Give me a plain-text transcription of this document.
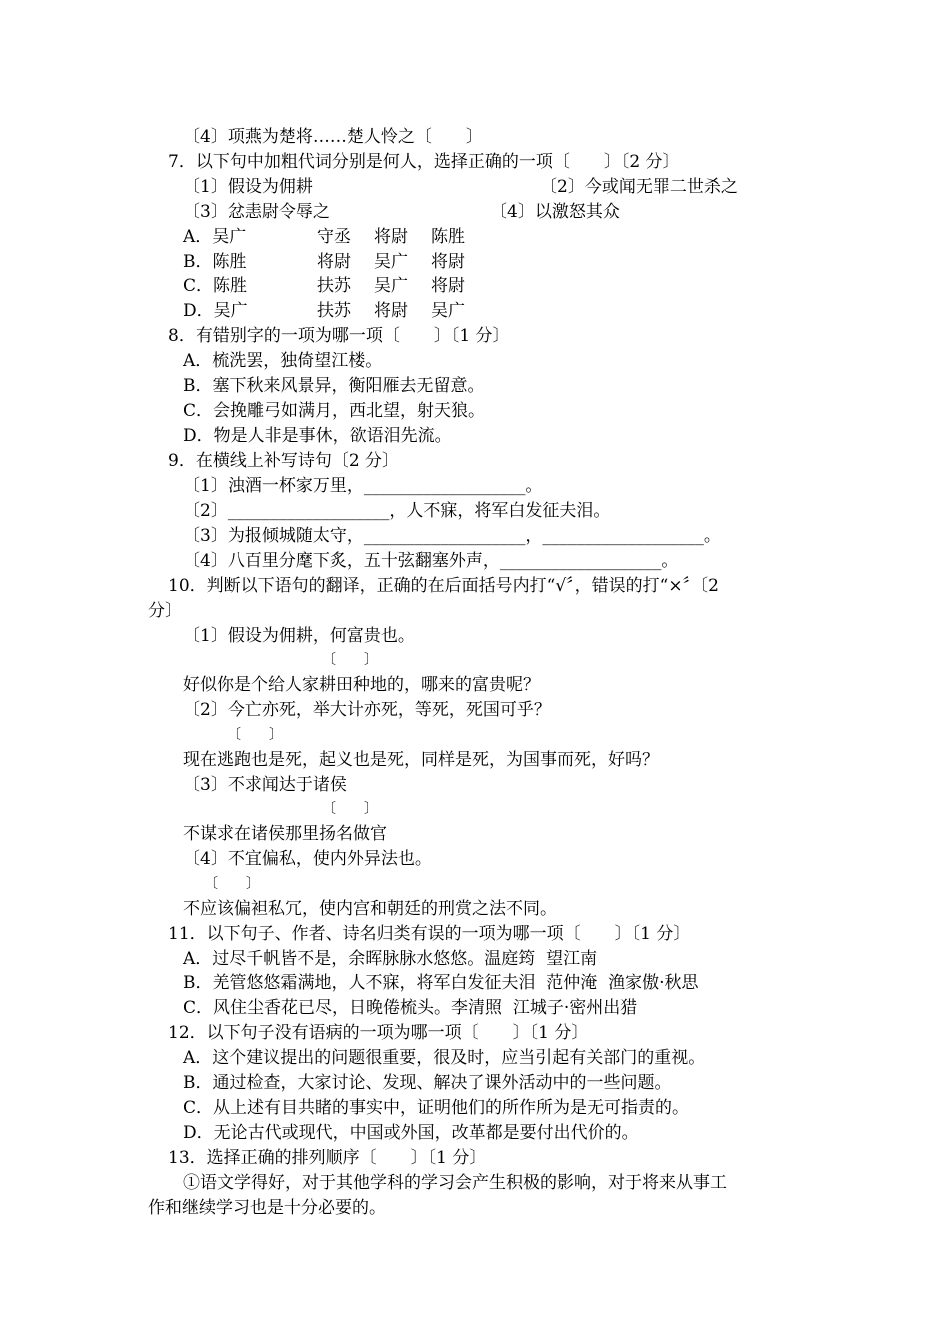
〔4〕项燕为楚将……楚人怜之〔　　〕
7．以下句中加粗代词分别是何人，选择正确的一项〔　　〕〔2 分〕
〔1〕假设为佣耕	〔2〕今或闻无罪二世杀之
〔3〕忿恚尉令辱之	〔4〕以激怒其众
A．吴广	守丞 将尉 陈胜
B．陈胜	将尉 吴广 将尉
C．陈胜	扶苏 吴广 将尉
D．吴广	扶苏 将尉 吴广
8．有错别字的一项为哪一项〔　　〕〔1 分〕
A．梳洗罢，独倚望江楼。
B．塞下秋来风景异，衡阳雁去无留意。
C．会挽雕弓如满月，西北望，射天狼。
D．物是人非是事休，欲语泪先流。
9．在横线上补写诗句〔2 分〕
〔1〕浊酒一杯家万里，___________________。
〔2〕___________________，人不寐，将军白发征夫泪。
〔3〕为报倾城随太守，___________________，___________________。
〔4〕八百里分麾下炙，五十弦翻塞外声，___________________。
10．判断以下语句的翻译，正确的在后面括号内打“√〞，错误的打“×〞〔2
分〕
〔1〕假设为佣耕，何富贵也。
〔　　〕
好似你是个给人家耕田种地的，哪来的富贵呢？
〔2〕今亡亦死，举大计亦死，等死，死国可乎？
〔　　〕
现在逃跑也是死，起义也是死，同样是死，为国事而死，好吗？
〔3〕不求闻达于诸侯
〔　　〕
不谋求在诸侯那里扬名做官
〔4〕不宜偏私，使内外异法也。
〔　　〕
不应该偏袒私冗，使内宫和朝廷的刑赏之法不同。
11．以下句子、作者、诗名归类有误的一项为哪一项〔　　〕〔1 分〕
A．过尽千帆皆不是，余晖脉脉水悠悠。温庭筠  望江南
B．羌管悠悠霜满地，人不寐，将军白发征夫泪  范仲淹  渔家傲·秋思
C．风住尘香花已尽，日晚倦梳头。李清照  江城子·密州出猎
12．以下句子没有语病的一项为哪一项〔　　〕〔1 分〕
A．这个建议提出的问题很重要，很及时，应当引起有关部门的重视。
B．通过检查，大家讨论、发现、解决了课外活动中的一些问题。
C．从上述有目共睹的事实中，证明他们的所作所为是无可指责的。
D．无论古代或现代，中国或外国，改革都是要付出代价的。
13．选择正确的排列顺序〔　　〕〔1 分〕
①语文学得好，对于其他学科的学习会产生积极的影响，对于将来从事工
作和继续学习也是十分必要的。
